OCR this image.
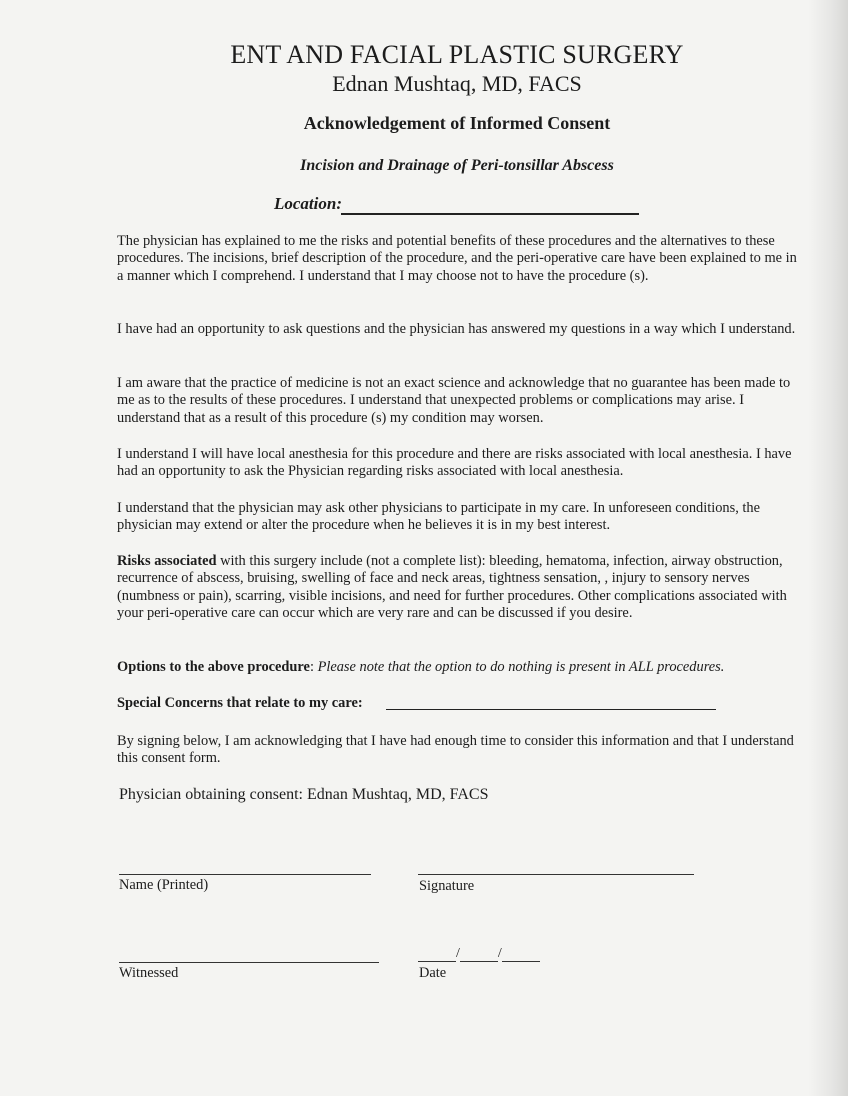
ENT AND FACIAL PLASTIC SURGERY
Ednan Mushtaq, MD, FACS
Acknowledgement of Informed Consent
Incision and Drainage of Peri-tonsillar Abscess
Location:
The physician has explained to me the risks and potential benefits of these procedures and the alternatives to these procedures. The incisions, brief description of the procedure, and the peri-operative care have been explained to me in a manner which I comprehend. I understand that I may choose not to have the procedure (s).
I have had an opportunity to ask questions and the physician has answered my questions in a way which I understand.
I am aware that the practice of medicine is not an exact science and acknowledge that no guarantee has been made to me as to the results of these procedures. I understand that unexpected problems or complications may arise. I understand that as a result of this procedure (s) my condition may worsen.
I understand I will have local anesthesia for this procedure and there are risks associated with local anesthesia. I have had an opportunity to ask the Physician regarding risks associated with local anesthesia.
I understand that the physician may ask other physicians to participate in my care. In unforeseen conditions, the physician may extend or alter the procedure when he believes it is in my best interest.
Risks associated with this surgery include (not a complete list): bleeding, hematoma, infection, airway obstruction, recurrence of abscess, bruising, swelling of face and neck areas, tightness sensation, , injury to sensory nerves (numbness or pain), scarring, visible incisions, and need for further procedures. Other complications associated with your peri-operative care can occur which are very rare and can be discussed if you desire.
Options to the above procedure: Please note that the option to do nothing is present in ALL procedures.
Special Concerns that relate to my care:
By signing below, I am acknowledging that I have had enough time to consider this information and that I understand this consent form.
Physician obtaining consent: Ednan Mushtaq, MD, FACS
Name (Printed)	Signature
Witnessed
/	/
Date
